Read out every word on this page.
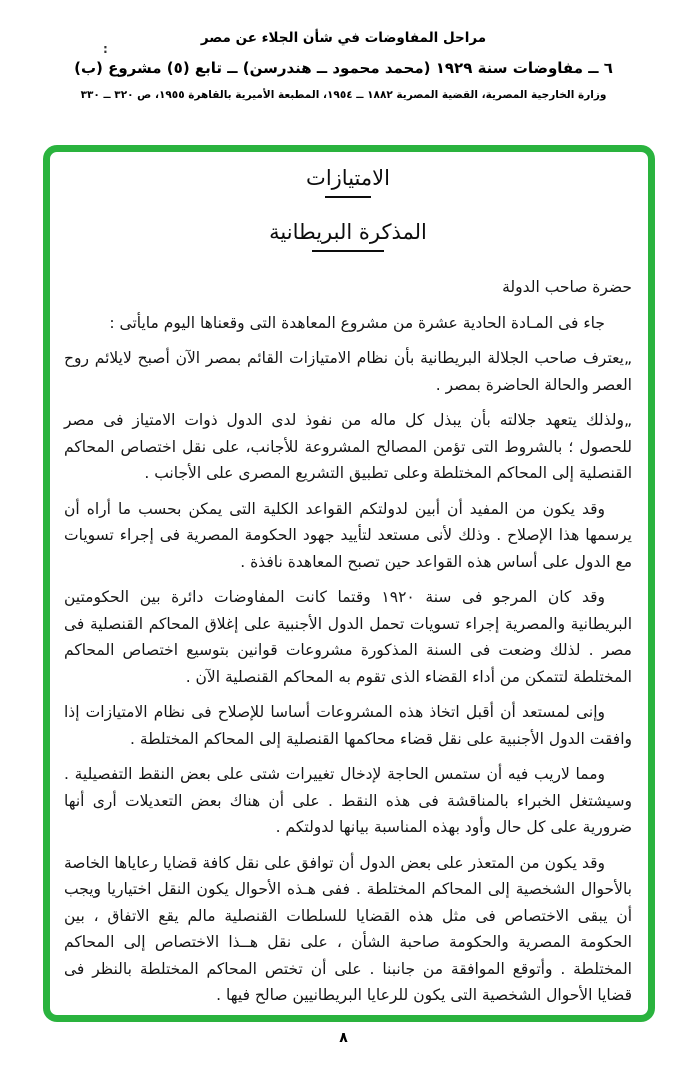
مراحل المفاوضات في شأن الجلاء عن مصر
٦ ــ مفاوضات سنة ١٩٢٩ (محمد محمود ــ هندرسن) ــ تابع (٥) مشروع (ب)
وزارة الخارجية المصرية، القضية المصرية ١٨٨٢ ــ ١٩٥٤، المطبعة الأميرية بالقاهرة ١٩٥٥، ص ٣٢٠ ــ ٣٣٠
:
الامتيازات
المذكرة البريطانية

حضرة صاحب الدولة

جاء فى المـادة الحادية عشرة من مشروع المعاهدة التى وقعناها اليوم مايأتى :

„يعترف صاحب الجلالة البريطانية بأن نظام الامتيازات القائم بمصر الآن أصبح لايلائم روح العصر والحالة الحاضرة بمصر .

„ولذلك يتعهد جلالته بأن يبذل كل ماله من نفوذ لدى الدول ذوات الامتياز فى مصر للحصول ؛ بالشروط التى تؤمن المصالح المشروعة للأجانب، على نقل اختصاص المحاكم القنصلية إلى المحاكم المختلطة وعلى تطبيق التشريع المصرى على الأجانب .

وقد يكون من المفيد أن أبين لدولتكم القواعد الكلية التى يمكن بحسب ما أراه أن يرسمها هذا الإصلاح . وذلك لأنى مستعد لتأييد جهود الحكومة المصرية فى إجراء تسويات مع الدول على أساس هذه القواعد حين تصبح المعاهدة نافذة .

وقد كان المرجو فى سنة ١٩٢٠ وقتما كانت المفاوضات دائرة بين الحكومتين البريطانية والمصرية إجراء تسويات تحمل الدول الأجنبية على إغلاق المحاكم القنصلية فى مصر . لذلك وضعت فى السنة المذكورة مشروعات قوانين بتوسيع اختصاص المحاكم المختلطة لتتمكن من أداء القضاء الذى تقوم به المحاكم القنصلية الآن .

وإنى لمستعد أن أقبل اتخاذ هذه المشروعات أساسا للإصلاح فى نظام الامتيازات إذا وافقت الدول الأجنبية على نقل قضاء محاكمها القنصلية إلى المحاكم المختلطة .

ومما لاريب فيه أن ستمس الحاجة لإدخال تغييرات شتى على بعض النقط التفصيلية . وسيشتغل الخبراء بالمناقشة فى هذه النقط . على أن هناك بعض التعديلات أرى أنها ضرورية على كل حال وأود بهذه المناسبة بيانها لدولتكم .

وقد يكون من المتعذر على بعض الدول أن توافق على نقل كافة قضايا رعاياها الخاصة بالأحوال الشخصية إلى المحاكم المختلطة . ففى هـذه الأحوال يكون النقل اختياريا ويجب أن يبقى الاختصاص فى مثل هذه القضايا للسلطات القنصلية مالم يقع الاتفاق ، بين الحكومة المصرية والحكومة صاحبة الشأن ، على نقل هــذا الاختصاص إلى المحاكم المختلطة . وأتوقع الموافقة من جانبنا . على أن تختص المحاكم المختلطة بالنظر فى قضايا الأحوال الشخصية التى يكون للرعايا البريطانيين صالح فيها .

٨
